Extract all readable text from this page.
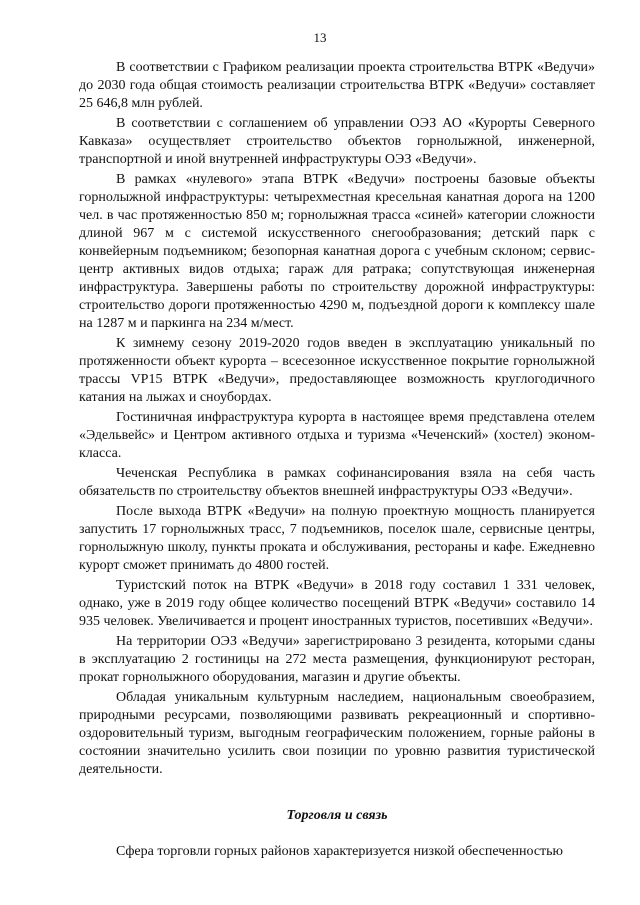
13

В соответствии с Графиком реализации проекта строительства ВТРК «Ведучи» до 2030 года общая стоимость реализации строительства ВТРК «Ведучи» составляет 25 646,8 млн рублей.

В соответствии с соглашением об управлении ОЭЗ АО «Курорты Северного Кавказа» осуществляет строительство объектов горнолыжной, инженерной, транспортной и иной внутренней инфраструктуры ОЭЗ «Ведучи».

В рамках «нулевого» этапа ВТРК «Ведучи» построены базовые объекты горнолыжной инфраструктуры: четырехместная кресельная канатная дорога на 1200 чел. в час протяженностью 850 м; горнолыжная трасса «синей» категории сложности длиной 967 м с системой искусственного снегообразования; детский парк с конвейерным подъемником; безопорная канатная дорога с учебным склоном; сервис-центр активных видов отдыха; гараж для ратрака; сопутствующая инженерная инфраструктура. Завершены работы по строительству дорожной инфраструктуры: строительство дороги протяженностью 4290 м, подъездной дороги к комплексу шале на 1287 м и паркинга на 234 м/мест.

К зимнему сезону 2019-2020 годов введен в эксплуатацию уникальный по протяженности объект курорта – всесезонное искусственное покрытие горнолыжной трассы VP15 ВТРК «Ведучи», предоставляющее возможность круглогодичного катания на лыжах и сноубордах.

Гостиничная инфраструктура курорта в настоящее время представлена отелем «Эдельвейс» и Центром активного отдыха и туризма «Чеченский» (хостел) эконом-класса.

Чеченская Республика в рамках софинансирования взяла на себя часть обязательств по строительству объектов внешней инфраструктуры ОЭЗ «Ведучи».

После выхода ВТРК «Ведучи» на полную проектную мощность планируется запустить 17 горнолыжных трасс, 7 подъемников, поселок шале, сервисные центры, горнолыжную школу, пункты проката и обслуживания, рестораны и кафе. Ежедневно курорт сможет принимать до 4800 гостей.

Туристский поток на ВТРК «Ведучи» в 2018 году составил 1 331 человек, однако, уже в 2019 году общее количество посещений ВТРК «Ведучи» составило 14 935 человек. Увеличивается и процент иностранных туристов, посетивших «Ведучи».

На территории ОЭЗ «Ведучи» зарегистрировано 3 резидента, которыми сданы в эксплуатацию 2 гостиницы на 272 места размещения, функционируют ресторан, прокат горнолыжного оборудования, магазин и другие объекты.

Обладая уникальным культурным наследием, национальным своеобразием, природными ресурсами, позволяющими развивать рекреационный и спортивно-оздоровительный туризм, выгодным географическим положением, горные районы в состоянии значительно усилить свои позиции по уровню развития туристической деятельности.

Торговля и связь

Сфера торговли горных районов характеризуется низкой обеспеченностью
